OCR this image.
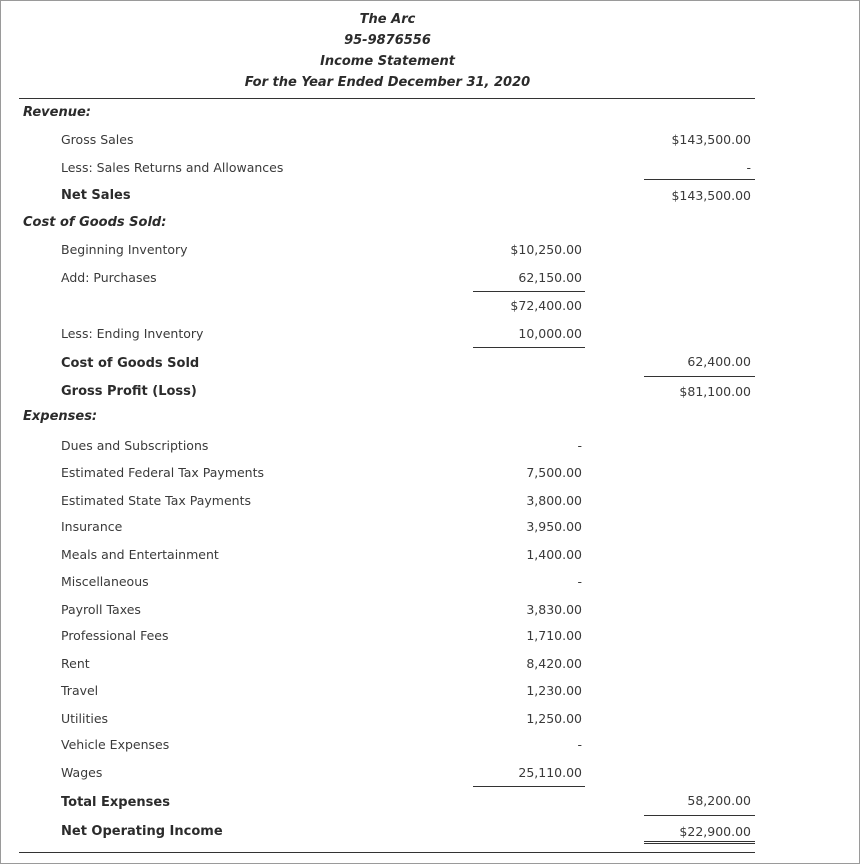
The Arc
95-9876556
Income Statement
For the Year Ended December 31, 2020
Revenue:
Gross Sales	$143,500.00
Less: Sales Returns and Allowances	-
Net Sales	$143,500.00
Cost of Goods Sold:
Beginning Inventory	$10,250.00
Add: Purchases	62,150.00
$72,400.00
Less: Ending Inventory	10,000.00
Cost of Goods Sold	62,400.00
Gross Profit (Loss)	$81,100.00
Expenses:
Dues and Subscriptions	-
Estimated Federal Tax Payments	7,500.00
Estimated State Tax Payments	3,800.00
Insurance	3,950.00
Meals and Entertainment	1,400.00
Miscellaneous	-
Payroll Taxes	3,830.00
Professional Fees	1,710.00
Rent	8,420.00
Travel	1,230.00
Utilities	1,250.00
Vehicle Expenses	-
Wages	25,110.00
Total Expenses	58,200.00
Net Operating Income	$22,900.00
